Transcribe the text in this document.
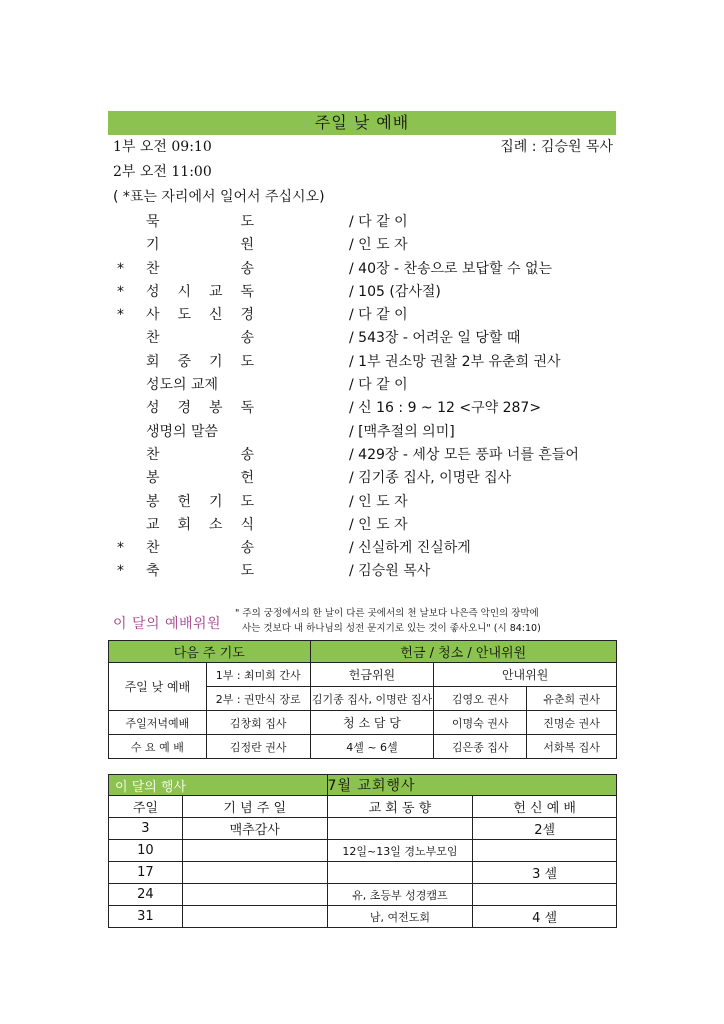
주일 낮 예배
1부 오전 09:10	집례 : 김승원 목사
2부 오전 11:00
( *표는 자리에서 일어서 주십시오)
묵	도	/ 다 같 이
기	원	/ 인 도 자
* 찬	송	/ 40장 - 찬송으로 보답할 수 없는
* 성 시 교 독	/ 105 (감사절)
* 사 도 신 경	/ 다 같 이
찬	송	/ 543장 - 어려운 일 당할 때
회 중 기 도	/ 1부 권소망 권찰 2부 유춘희 권사
성도의 교제	/ 다 같 이
성 경 봉 독	/ 신 16 : 9 ~ 12 <구약 287>
생명의 말씀	/ [맥추절의 의미]
찬	송	/ 429장 - 세상 모든 풍파 너를 흔들어
봉	헌	/ 김기종 집사, 이명란 집사
봉 헌 기 도	/ 인 도 자
교 회 소 식	/ 인 도 자
* 찬	송	/ 신실하게 진실하게
* 축	도	/ 김승원 목사
이 달의 예배위원
" 주의 궁정에서의 한 날이 다른 곳에서의 천 날보다 나은즉 악인의 장막에
사는 것보다 내 하나님의 성전 문지기로 있는 것이 좋사오니" (시 84:10)
다음 주 기도		헌금 / 청소 / 안내위원		
주일 낮 예배	1부 : 최미희 간사	헌금위원	안내위원	
	2부 : 권만식 장로	김기종 집사, 이명란 집사	김영오 권사	유춘희 권사
주일저녁예배	김창회 집사	청 소 담 당	이명숙 권사	진명순 권사
수 요 예 배	김정란 권사	4셀 ~ 6셀	김은종 집사	서화복 집사
이 달의 행사		7월 교회행사	
주일	기 념 주 일	교 회 동 향	헌 신 예 배
3	맥추감사		2셀
10		12일~13일 경노부모임	
17			3 셀
24		유, 초등부 성경캠프	
31		남, 여전도회	4 셀
